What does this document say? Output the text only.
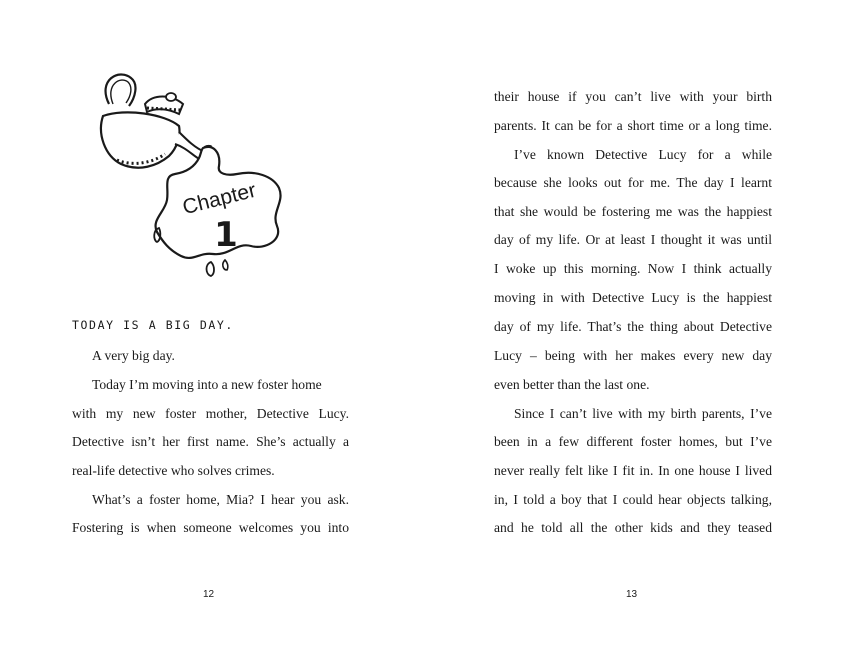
Chapter
1
TODAY IS A BIG DAY.
A very big day.
Today I’m moving into a new foster home
with my new foster mother, Detective Lucy.
Detective isn’t her first name. She’s actually a
real-life detective who solves crimes.
What’s a foster home, Mia? I hear you ask.
Fostering is when someone welcomes you into
12
their house if you can’t live with your birth
parents. It can be for a short time or a long time.
I’ve known Detective Lucy for a while
because she looks out for me. The day I learnt
that she would be fostering me was the happiest
day of my life. Or at least I thought it was until
I woke up this morning. Now I think actually
moving in with Detective Lucy is the happiest
day of my life. That’s the thing about Detective
Lucy – being with her makes every new day
even better than the last one.
Since I can’t live with my birth parents, I’ve
been in a few different foster homes, but I’ve
never really felt like I fit in. In one house I lived
in, I told a boy that I could hear objects talking,
and he told all the other kids and they teased
13
